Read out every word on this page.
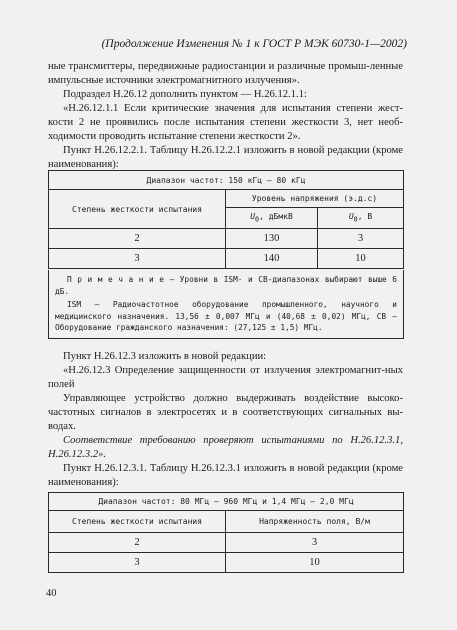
(Продолжение Изменения № 1 к ГОСТ Р МЭК 60730-1—2002)

ные трансмиттеры, передвижные радиостанции и различные промыш-ленные импульсные источники электромагнитного излучения».

Подраздел Н.26.12 дополнить пунктом — Н.26.12.1.1:

«Н.26.12.1.1 Если критические значения для испытания степени жест-кости 2 не проявились после испытания степени жесткости 3, нет необ-ходимости проводить испытание степени жесткости 2».

Пункт Н.26.12.2.1. Таблицу Н.26.12.2.1 изложить в новой редакции (кроме наименования):

Диапазон частот: 150 кГц – 80 кГц		
Степень жесткости испытания	Уровень напряжения (э.д.с)	
	$U_0$, дБмкВ	$U_0$, В
2	130	3
3	140	10

П р и м е ч а н и е – Уровни в ISM- и CB-диапазонах выбирают выше 6 дБ.

ISM – Радиочастотное оборудование промышленного, научного и медицинского назначения. 13,56 ± 0,007 МГц и (40,68 ± 0,02) МГц, СВ – Оборудование гражданского назначения: (27,125 ± 1,5) МГц.

Пункт Н.26.12.3 изложить в новой редакции:

«Н.26.12.3 Определение защищенности от излучения электромагнит-ных полей

Управляющее устройство должно выдерживать воздействие высоко-частотных сигналов в электросетях и в соответствующих сигнальных вы-водах.

Соответствие требованию проверяют испытаниями по Н.26.12.3.1, Н.26.12.3.2».

Пункт Н.26.12.3.1. Таблицу Н.26.12.3.1 изложить в новой редакции (кроме наименования):

Диапазон частот: 80 МГц – 960 МГц и 1,4 МГц – 2,0 МГц	
Степень жесткости испытания	Напряженность поля, В/м
2	3
3	10
40
